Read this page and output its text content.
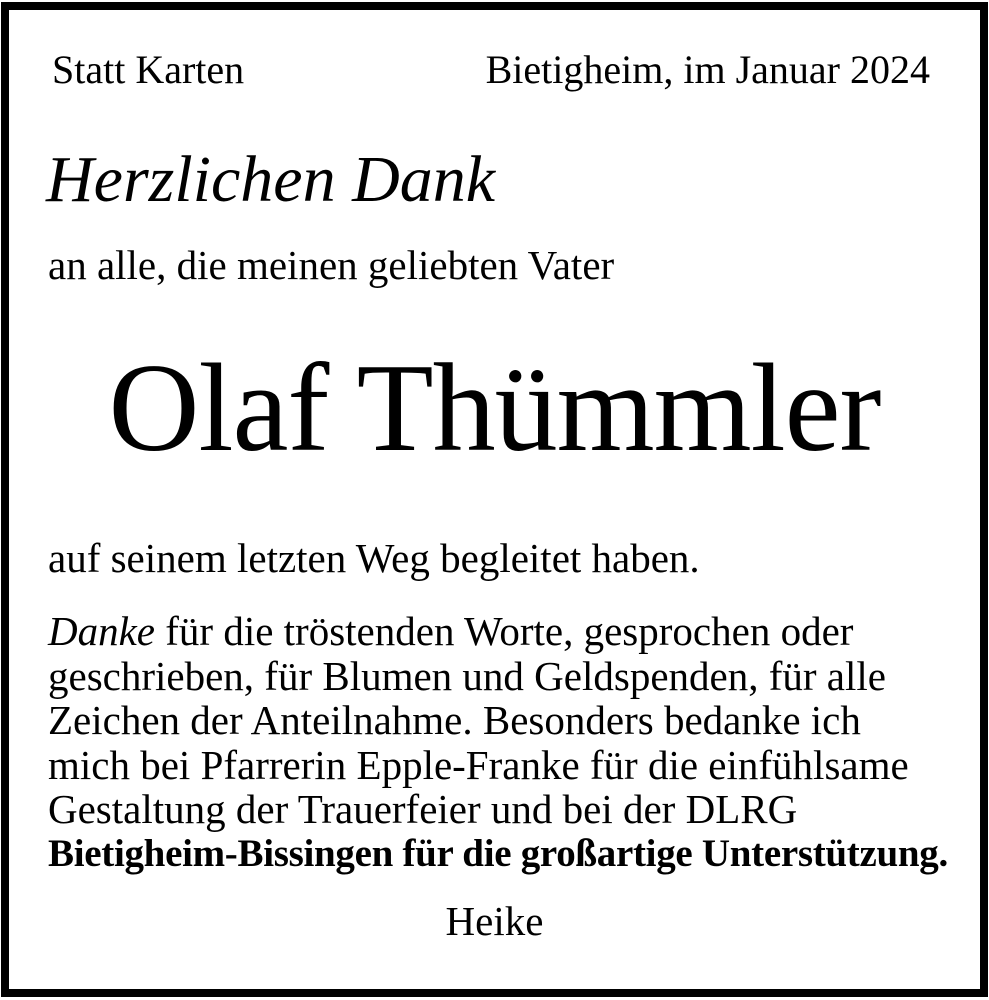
Statt Karten	Bietigheim, im Januar 2024
Herzlichen Dank
an alle, die meinen geliebten Vater
Olaf Thümmler
auf seinem letzten Weg begleitet haben.
Danke für die tröstenden Worte, gesprochen oder
geschrieben, für Blumen und Geldspenden, für alle
Zeichen der Anteilnahme. Besonders bedanke ich
mich bei Pfarrerin Epple-Franke für die einfühlsame
Gestaltung der Trauerfeier und bei der DLRG
Bietigheim-Bissingen für die großartige Unterstützung.
Heike
